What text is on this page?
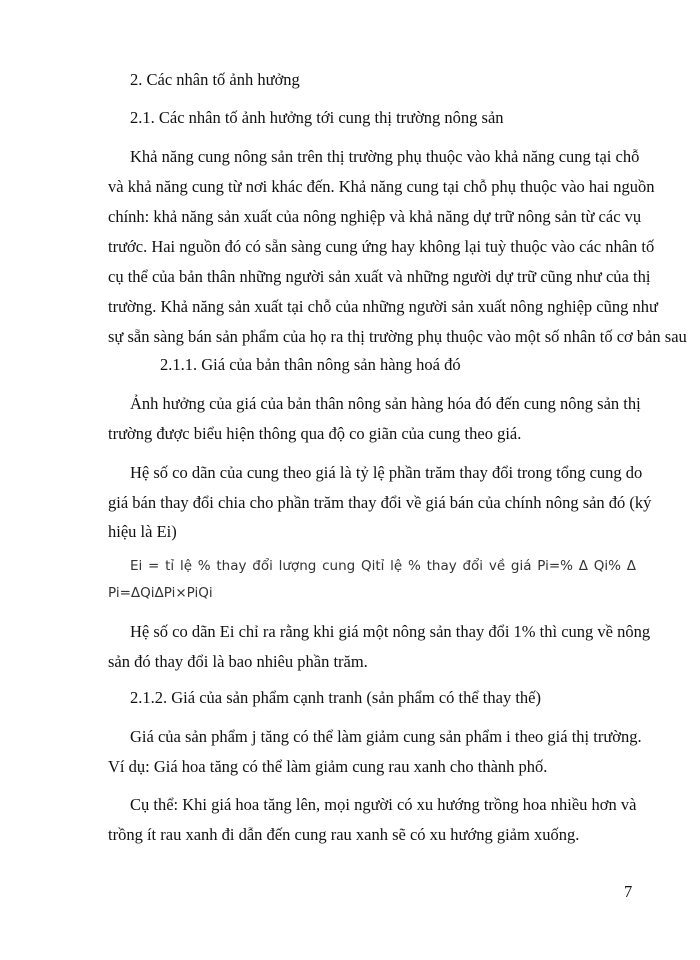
2. Các nhân tố ảnh hưởng
2.1. Các nhân tố ảnh hưởng tới cung thị trường nông sản
Khả năng cung nông sản trên thị trường phụ thuộc vào khả năng cung tại chỗ
và khả năng cung từ nơi khác đến. Khả năng cung tại chỗ phụ thuộc vào hai nguồn
chính: khả năng sản xuất của nông nghiệp và khả năng dự trữ nông sản từ các vụ
trước. Hai nguồn đó có sẵn sàng cung ứng hay không lại tuỳ thuộc vào các nhân tố
cụ thể của bản thân những người sản xuất và những người dự trữ cũng như của thị
trường. Khả năng sản xuất tại chỗ của những người sản xuất nông nghiệp cũng như
sự sẵn sàng bán sản phẩm của họ ra thị trường phụ thuộc vào một số nhân tố cơ bản sau
2.1.1. Giá của bản thân nông sản hàng hoá đó
Ảnh hưởng của giá của bản thân nông sản hàng hóa đó đến cung nông sản thị
trường được biểu hiện thông qua độ co giãn của cung theo giá.
Hệ số co dãn của cung theo giá là tỷ lệ phần trăm thay đổi trong tổng cung do
giá bán thay đổi chia cho phần trăm thay đổi về giá bán của chính nông sản đó (ký
hiệu là Ei)
Ei = tỉ lệ % thay đổi lượng cung Qitỉ lệ % thay đổi về giá Pi=% Δ Qi% Δ
Pi=ΔQiΔPi×PiQi
Hệ số co dãn Ei chỉ ra rằng khi giá một nông sản thay đổi 1% thì cung về nông
sản đó thay đổi là bao nhiêu phần trăm.
2.1.2. Giá của sản phẩm cạnh tranh (sản phẩm có thể thay thế)
Giá của sản phẩm j tăng có thể làm giảm cung sản phẩm i theo giá thị trường.
Ví dụ: Giá hoa tăng có thể làm giảm cung rau xanh cho thành phố.
Cụ thể: Khi giá hoa tăng lên, mọi người có xu hướng trồng hoa nhiều hơn và
trồng ít rau xanh đi dẫn đến cung rau xanh sẽ có xu hướng giảm xuống.
7
